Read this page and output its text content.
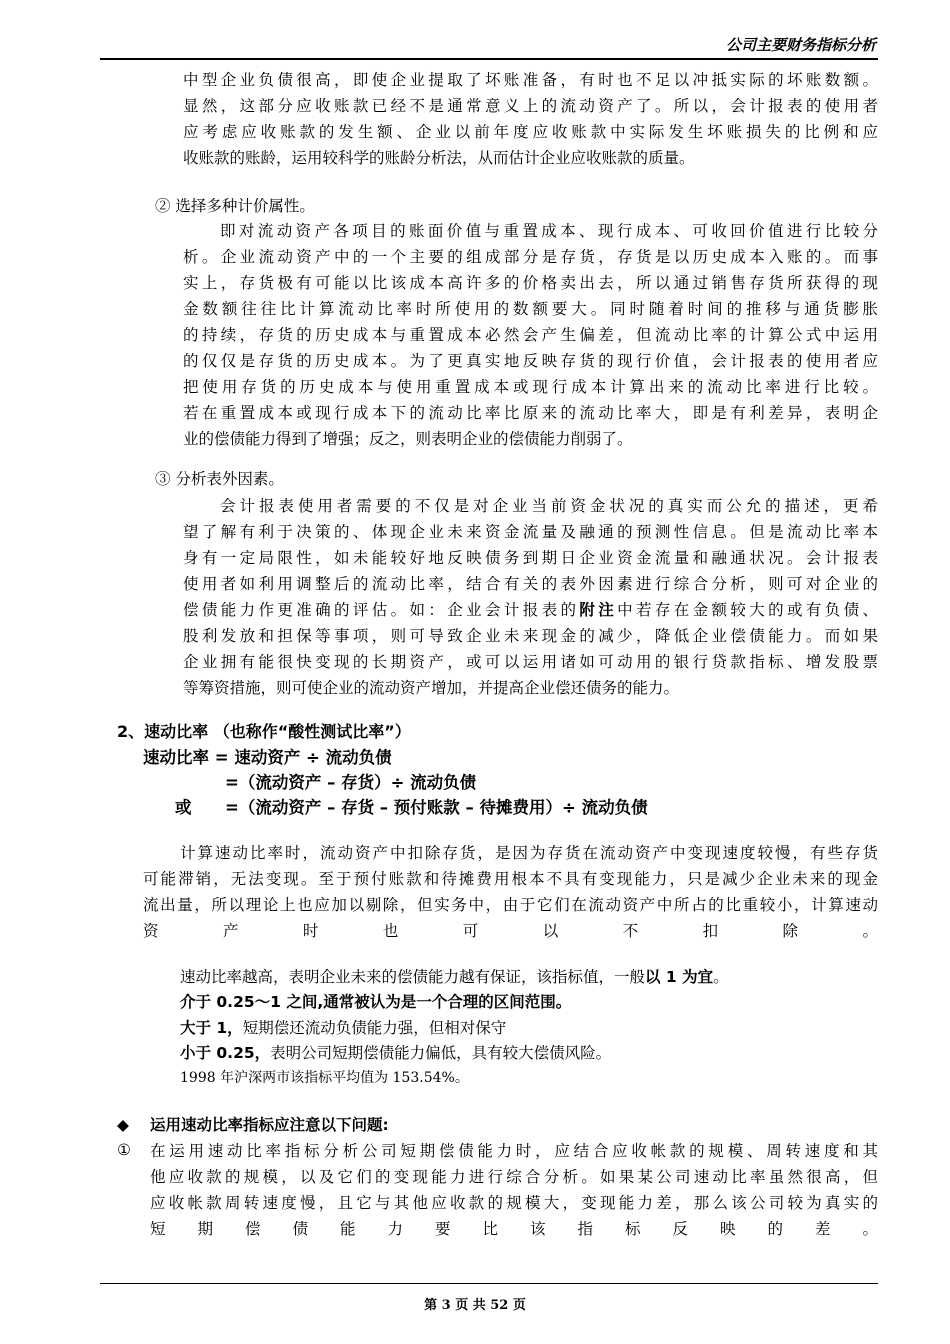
公司主要财务指标分析
中型企业负债很高，即使企业提取了坏账准备，有时也不足以冲抵实际的坏账数额。
显然，这部分应收账款已经不是通常意义上的流动资产了。所以，会计报表的使用者
应考虑应收账款的发生额、企业以前年度应收账款中实际发生坏账损失的比例和应
收账款的账龄，运用较科学的账龄分析法，从而估计企业应收账款的质量。
② 选择多种计价属性。
即对流动资产各项目的账面价值与重置成本、现行成本、可收回价值进行比较分
析。企业流动资产中的一个主要的组成部分是存货，存货是以历史成本入账的。而事
实上，存货极有可能以比该成本高许多的价格卖出去，所以通过销售存货所获得的现
金数额往往比计算流动比率时所使用的数额要大。同时随着时间的推移与通货膨胀
的持续，存货的历史成本与重置成本必然会产生偏差，但流动比率的计算公式中运用
的仅仅是存货的历史成本。为了更真实地反映存货的现行价值，会计报表的使用者应
把使用存货的历史成本与使用重置成本或现行成本计算出来的流动比率进行比较。
若在重置成本或现行成本下的流动比率比原来的流动比率大，即是有利差异，表明企
业的偿债能力得到了增强；反之，则表明企业的偿债能力削弱了。
③ 分析表外因素。
会计报表使用者需要的不仅是对企业当前资金状况的真实而公允的描述，更希
望了解有利于决策的、体现企业未来资金流量及融通的预测性信息。但是流动比率本
身有一定局限性，如未能较好地反映债务到期日企业资金流量和融通状况。会计报表
使用者如利用调整后的流动比率，结合有关的表外因素进行综合分析，则可对企业的
偿债能力作更准确的评估。如：企业会计报表的附注中若存在金额较大的或有负债、
股利发放和担保等事项，则可导致企业未来现金的减少，降低企业偿债能力。而如果
企业拥有能很快变现的长期资产，或可以运用诸如可动用的银行贷款指标、增发股票
等筹资措施，则可使企业的流动资产增加，并提高企业偿还债务的能力。
2、速动比率 （也称作“酸性测试比率”）
速动比率 = 速动资产 ÷ 流动负债
=（流动资产 – 存货）÷ 流动负债
或 =（流动资产 – 存货 – 预付账款 – 待摊费用）÷ 流动负债
计算速动比率时，流动资产中扣除存货，是因为存货在流动资产中变现速度较慢，有些存货
可能滞销，无法变现。至于预付账款和待摊费用根本不具有变现能力，只是减少企业未来的现金
流出量，所以理论上也应加以剔除，但实务中，由于它们在流动资产中所占的比重较小，计算速动
资产时也可以不扣除。
速动比率越高，表明企业未来的偿债能力越有保证，该指标值，一般以 1 为宜。
介于 0.25～1 之间,通常被认为是一个合理的区间范围。
大于 1，短期偿还流动负债能力强，但相对保守
小于 0.25，表明公司短期偿债能力偏低，具有较大偿债风险。
1998 年沪深两市该指标平均值为 153.54%。
◆ 运用速动比率指标应注意以下问题:
① 在运用速动比率指标分析公司短期偿债能力时，应结合应收帐款的规模、周转速度和其
他应收款的规模，以及它们的变现能力进行综合分析。如果某公司速动比率虽然很高，但
应收帐款周转速度慢，且它与其他应收款的规模大，变现能力差，那么该公司较为真实的
短期偿债能力要比该指标反映的差。
第 3 页 共 52 页
